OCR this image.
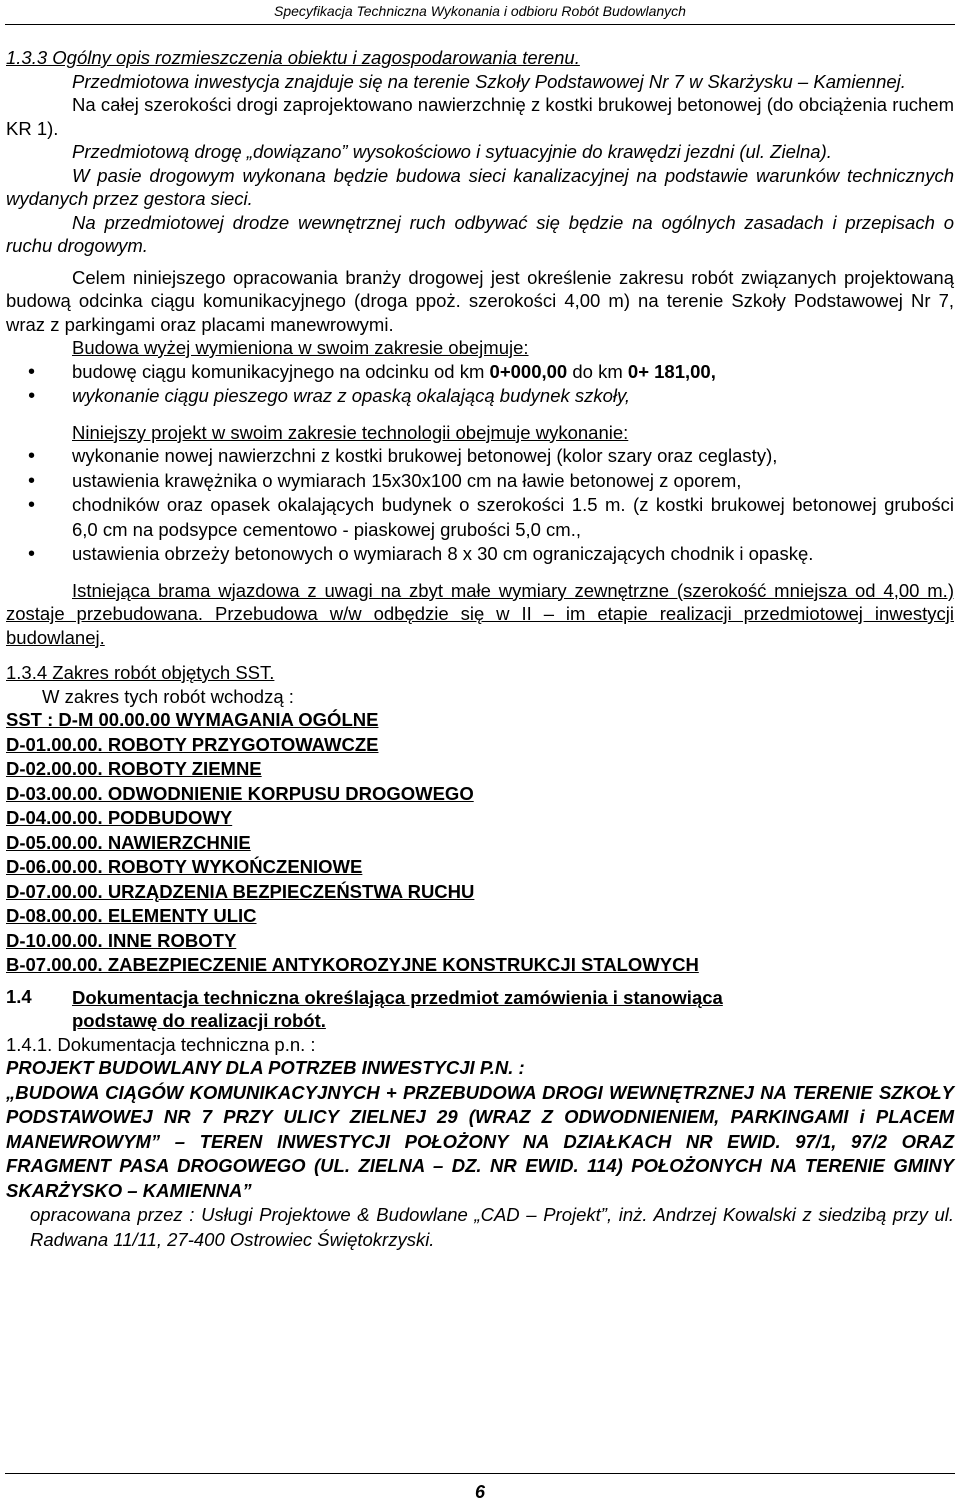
Specyfikacja Techniczna Wykonania i odbioru Robót Budowlanych

1.3.3 Ogólny opis rozmieszczenia obiektu i zagospodarowania terenu.

Przedmiotowa inwestycja znajduje się na terenie Szkoły Podstawowej Nr 7 w Skarżysku – Kamiennej.

Na całej szerokości drogi zaprojektowano nawierzchnię z kostki brukowej betonowej (do obciążenia ruchem KR 1).

Przedmiotową drogę „dowiązano” wysokościowo i sytuacyjnie do krawędzi jezdni (ul. Zielna).

W pasie drogowym wykonana będzie budowa sieci kanalizacyjnej na podstawie warunków technicznych wydanych przez gestora sieci.

Na przedmiotowej drodze wewnętrznej ruch odbywać się będzie na ogólnych zasadach i przepisach o ruchu drogowym.

Celem niniejszego opracowania branży drogowej jest określenie zakresu robót związanych projektowaną budową odcinka ciągu komunikacyjnego (droga ppoż. szerokości 4,00 m) na terenie Szkoły Podstawowej Nr 7, wraz z parkingami oraz placami manewrowymi.

Budowa wyżej wymieniona w swoim zakresie obejmuje:

• budowę ciągu komunikacyjnego na odcinku od km 0+000,00 do km 0+ 181,00,
• wykonanie ciągu pieszego wraz z opaską okalającą budynek szkoły,

Niniejszy projekt w swoim zakresie technologii obejmuje wykonanie:

• wykonanie nowej nawierzchni z kostki brukowej betonowej (kolor szary oraz ceglasty),
• ustawienia krawężnika o wymiarach 15x30x100 cm na ławie betonowej z oporem,
• chodników oraz opasek okalających budynek o szerokości 1.5 m. (z kostki brukowej betonowej grubości 6,0 cm na podsypce cementowo - piaskowej grubości 5,0 cm.,
• ustawienia obrzeży betonowych o wymiarach 8 x 30 cm ograniczających chodnik i opaskę.

Istniejąca brama wjazdowa z uwagi na zbyt małe wymiary zewnętrzne (szerokość mniejsza od 4,00 m.) zostaje przebudowana. Przebudowa w/w odbędzie się w II – im etapie realizacji przedmiotowej inwestycji budowlanej.

1.3.4 Zakres robót objętych SST.

W zakres tych robót wchodzą :

SST : D-M 00.00.00 WYMAGANIA OGÓLNE

D-01.00.00. ROBOTY PRZYGOTOWAWCZE

D-02.00.00. ROBOTY ZIEMNE

D-03.00.00. ODWODNIENIE KORPUSU DROGOWEGO

D-04.00.00. PODBUDOWY

D-05.00.00. NAWIERZCHNIE

D-06.00.00. ROBOTY WYKOŃCZENIOWE

D-07.00.00. URZĄDZENIA BEZPIECZEŃSTWA RUCHU

D-08.00.00. ELEMENTY ULIC

D-10.00.00. INNE ROBOTY

B-07.00.00. ZABEZPIECZENIE ANTYKOROZYJNE KONSTRUKCJI STALOWYCH

1.4	Dokumentacja techniczna określająca przedmiot zamówienia i stanowiąca

podstawę do realizacji robót.

1.4.1. Dokumentacja techniczna p.n. :

PROJEKT BUDOWLANY DLA POTRZEB INWESTYCJI P.N. :

„BUDOWA CIĄGÓW KOMUNIKACYJNYCH + PRZEBUDOWA DROGI WEWNĘTRZNEJ NA TERENIE SZKOŁY PODSTAWOWEJ NR 7 PRZY ULICY ZIELNEJ 29 (WRAZ Z ODWODNIENIEM, PARKINGAMI i PLACEM MANEWROWYM” – TEREN INWESTYCJI POŁOŻONY NA DZIAŁKACH NR EWID. 97/1, 97/2 ORAZ FRAGMENT PASA DROGOWEGO (UL. ZIELNA – DZ. NR EWID. 114) POŁOŻONYCH NA TERENIE GMINY SKARŻYSKO – KAMIENNA”

opracowana przez : Usługi Projektowe & Budowlane „CAD – Projekt”, inż. Andrzej Kowalski z siedzibą przy ul. Radwana 11/11, 27-400 Ostrowiec Świętokrzyski.

6
